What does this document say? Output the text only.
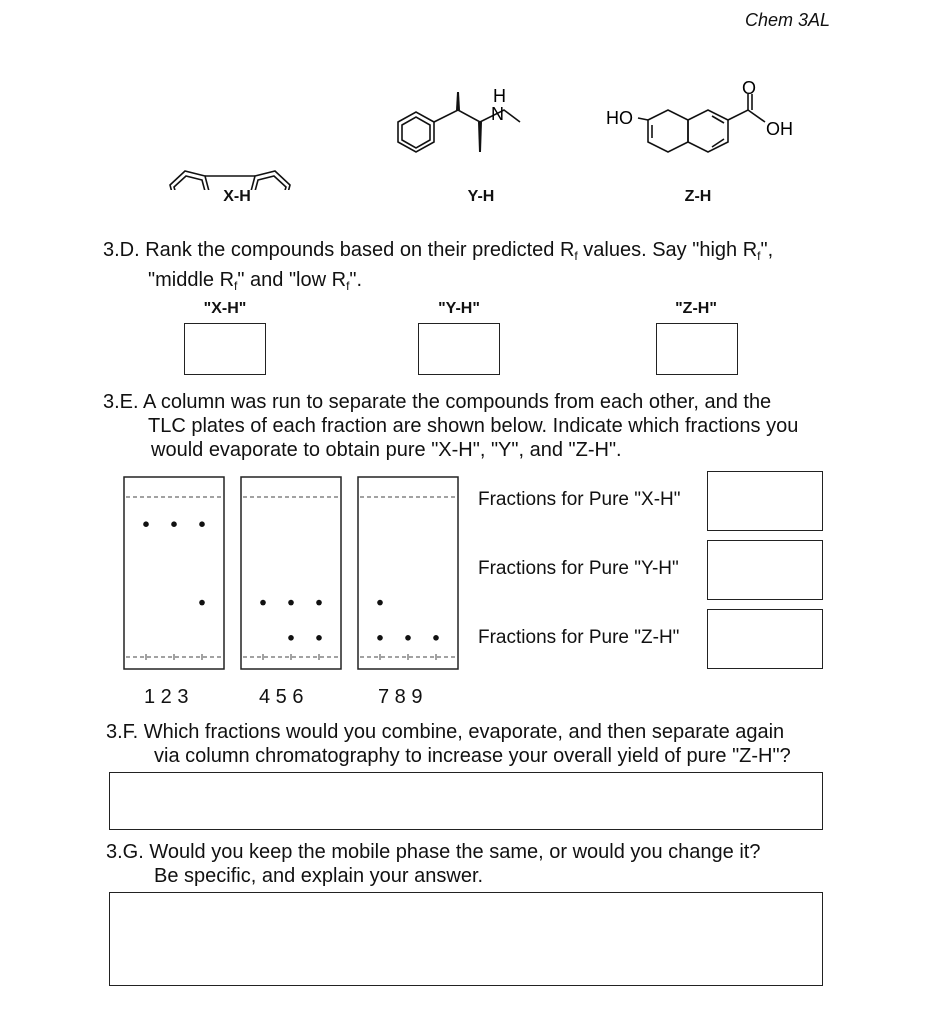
Chem 3AL
H
N	HO
OH
O
X-H	Y-H	Z-H
3.D. Rank the compounds based on their predicted $R_f$ values. Say "high $R_f$",
"middle $R_f$" and "low $R_f$".
"X-H"	"Y-H"	"Z-H"
3.E. A column was run to separate the compounds from each other, and the
TLC plates of each fraction are shown below. Indicate which fractions you
would evaporate to obtain pure "X-H", "Y", and "Z-H".
1 2 3	4 5 6	7 8 9
Fractions for Pure "X-H"
Fractions for Pure "Y-H"
Fractions for Pure "Z-H"
3.F. Which fractions would you combine, evaporate, and then separate again
via column chromatography to increase your overall yield of pure "Z-H"?
3.G. Would you keep the mobile phase the same, or would you change it?
Be specific, and explain your answer.
